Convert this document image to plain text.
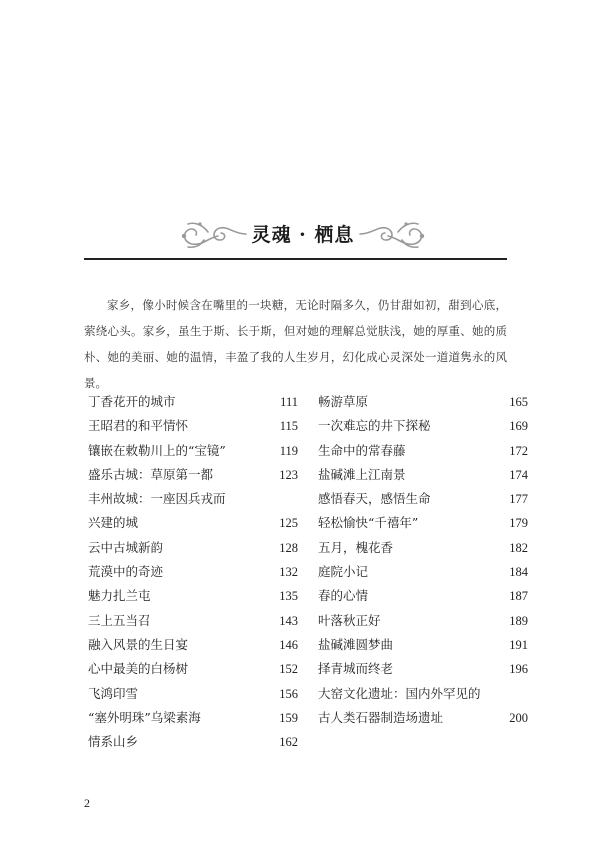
灵魂 · 栖息

家乡，像小时候含在嘴里的一块糖，无论时隔多久，仍甘甜如初，甜到心底，萦绕心头。家乡，虽生于斯、长于斯，但对她的理解总觉肤浅，她的厚重、她的质朴、她的美丽、她的温情，丰盈了我的人生岁月，幻化成心灵深处一道道隽永的风景。

丁香花开的城市	111
王昭君的和平情怀	115
镶嵌在敕勒川上的“宝镜”	119
盛乐古城：草原第一都	123
丰州故城：一座因兵戎而
兴建的城	125
云中古城新韵	128
荒漠中的奇迹	132
魅力扎兰屯	135
三上五当召	143
融入风景的生日宴	146
心中最美的白杨树	152
飞鸿印雪	156
“塞外明珠”乌梁素海	159
情系山乡	162
畅游草原	165
一次难忘的井下探秘	169
生命中的常春藤	172
盐碱滩上江南景	174
感悟春天，感悟生命	177
轻松愉快“千禧年”	179
五月，槐花香	182
庭院小记	184
春的心情	187
叶落秋正好	189
盐碱滩圆梦曲	191
择青城而终老	196
大窑文化遗址：国内外罕见的
古人类石器制造场遗址	200
2
